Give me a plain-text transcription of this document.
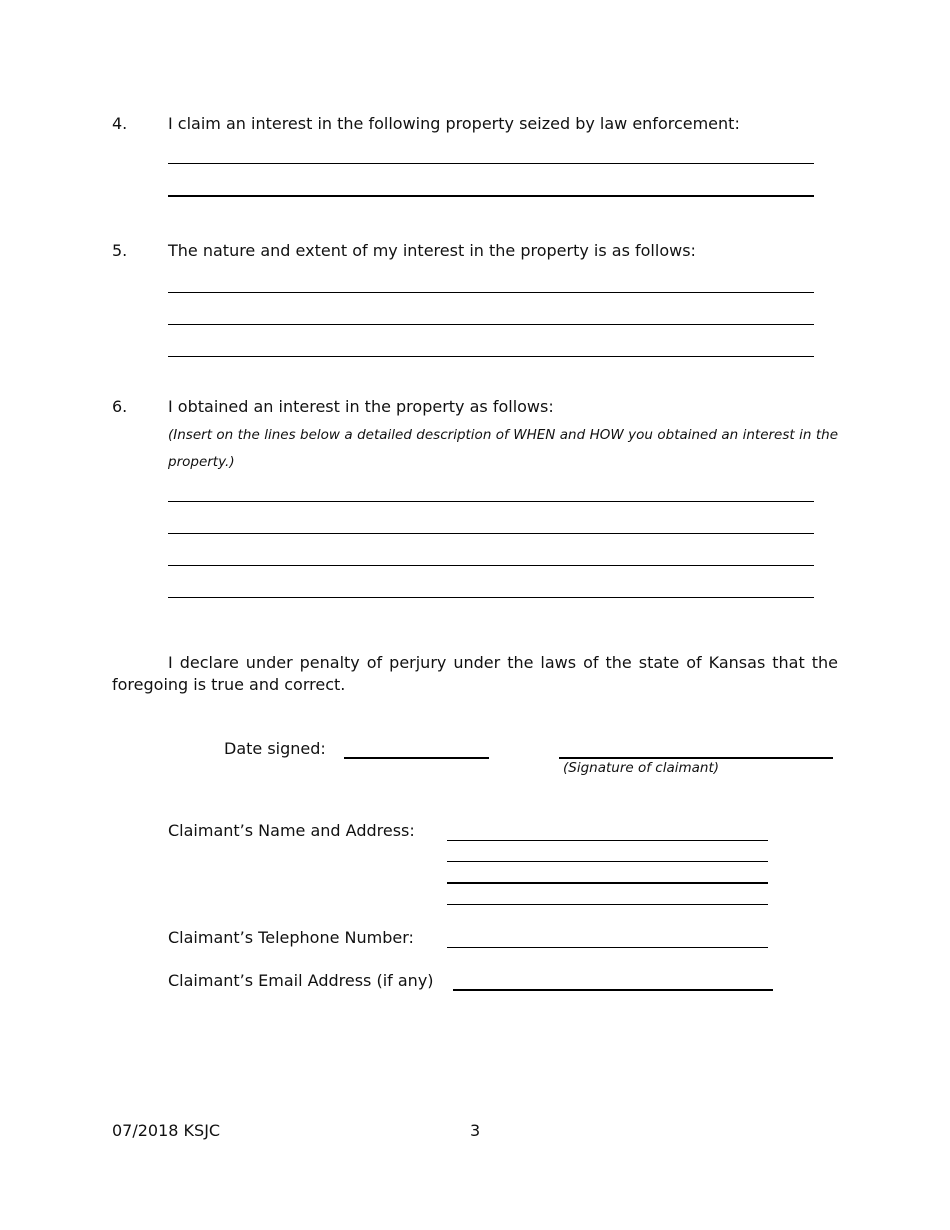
4.	I claim an interest in the following property seized by law enforcement:
5.	The nature and extent of my interest in the property is as follows:
6.	I obtained an interest in the property as follows:
(Insert on the lines below a detailed description of WHEN and HOW you obtained an interest in the property.)
I declare under penalty of perjury under the laws of the state of Kansas that the foregoing is true and correct.
Date signed:
(Signature of claimant)
Claimant’s Name and Address:
Claimant’s Telephone Number:
Claimant’s Email Address (if any)
07/2018 KSJC	3
